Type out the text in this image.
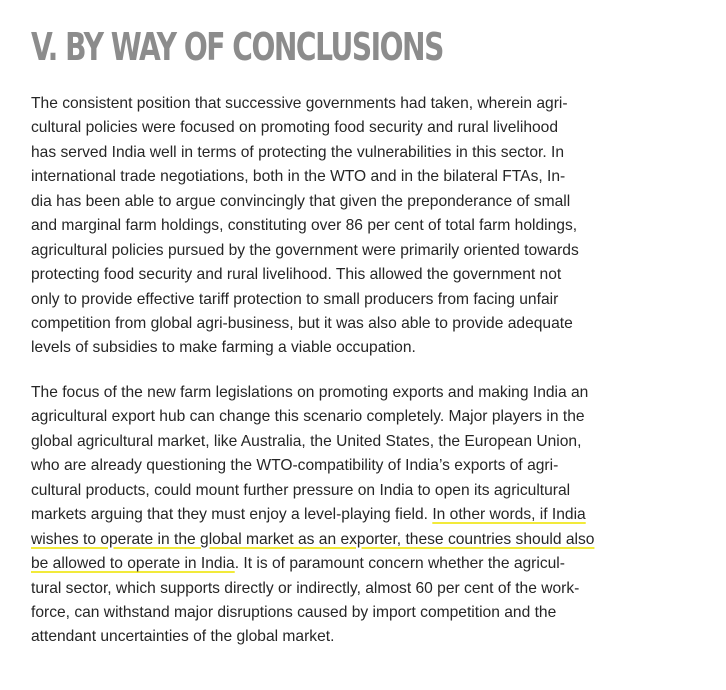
V. BY WAY OF CONCLUSIONS
The consistent position that successive governments had taken, wherein agri-
cultural policies were focused on promoting food security and rural livelihood
has served India well in terms of protecting the vulnerabilities in this sector. In
international trade negotiations, both in the WTO and in the bilateral FTAs, In-
dia has been able to argue convincingly that given the preponderance of small
and marginal farm holdings, constituting over 86 per cent of total farm holdings,
agricultural policies pursued by the government were primarily oriented towards
protecting food security and rural livelihood. This allowed the government not
only to provide effective tariff protection to small producers from facing unfair
competition from global agri-business, but it was also able to provide adequate
levels of subsidies to make farming a viable occupation.
The focus of the new farm legislations on promoting exports and making India an
agricultural export hub can change this scenario completely. Major players in the
global agricultural market, like Australia, the United States, the European Union,
who are already questioning the WTO-compatibility of India’s exports of agri-
cultural products, could mount further pressure on India to open its agricultural
markets arguing that they must enjoy a level-playing field. In other words, if India
wishes to operate in the global market as an exporter, these countries should also
be allowed to operate in India. It is of paramount concern whether the agricul-
tural sector, which supports directly or indirectly, almost 60 per cent of the work-
force, can withstand major disruptions caused by import competition and the
attendant uncertainties of the global market.
